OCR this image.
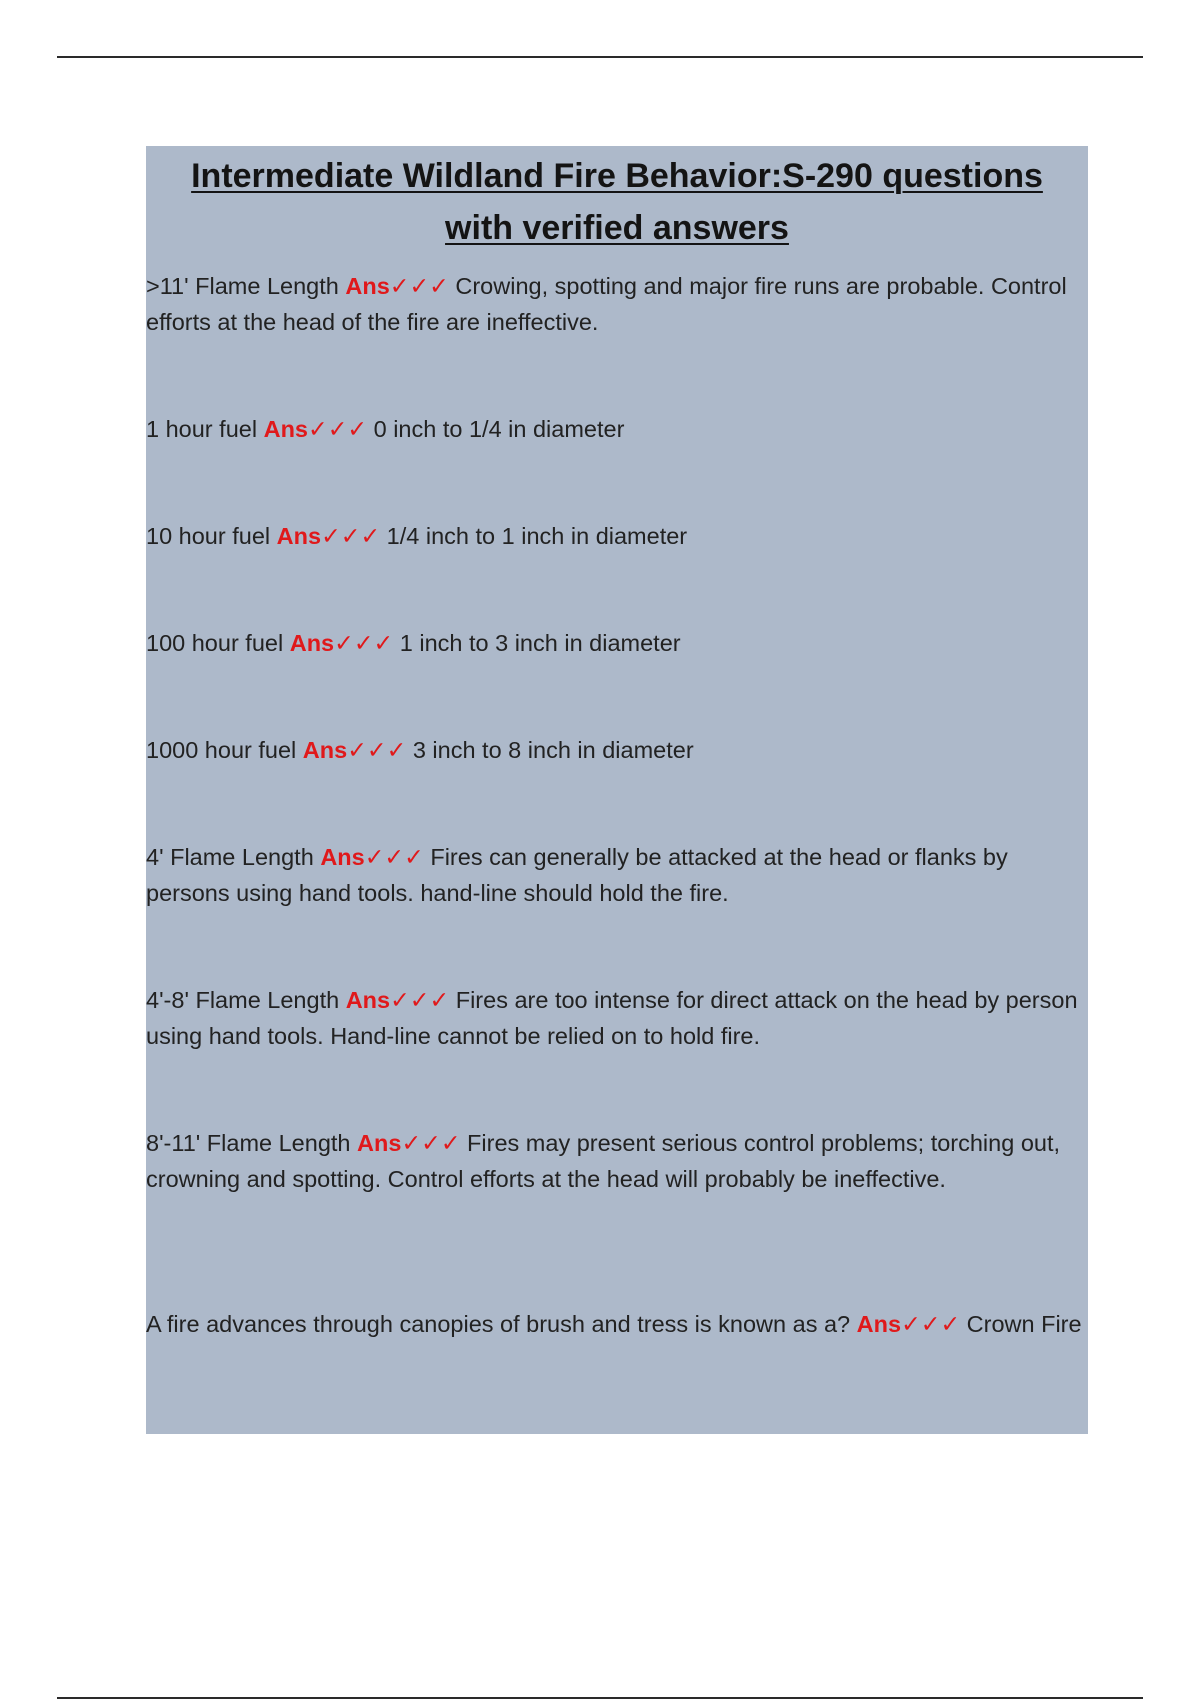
Intermediate Wildland Fire Behavior:S-290 questions
with verified answers
>11' Flame Length Ans✓✓✓ Crowing, spotting and major fire runs are probable. Control efforts at the head of the fire are ineffective.
1 hour fuel Ans✓✓✓ 0 inch to 1/4 in diameter
10 hour fuel Ans✓✓✓ 1/4 inch to 1 inch in diameter
100 hour fuel Ans✓✓✓ 1 inch to 3 inch in diameter
1000 hour fuel Ans✓✓✓ 3 inch to 8 inch in diameter
4' Flame Length Ans✓✓✓ Fires can generally be attacked at the head or flanks by persons using hand tools. hand-line should hold the fire.
4'-8' Flame Length Ans✓✓✓ Fires are too intense for direct attack on the head by person using hand tools. Hand-line cannot be relied on to hold fire.
8'-11' Flame Length Ans✓✓✓ Fires may present serious control problems; torching out, crowning and spotting. Control efforts at the head will probably be ineffective.
A fire advances through canopies of brush and tress is known as a? Ans✓✓✓ Crown Fire
